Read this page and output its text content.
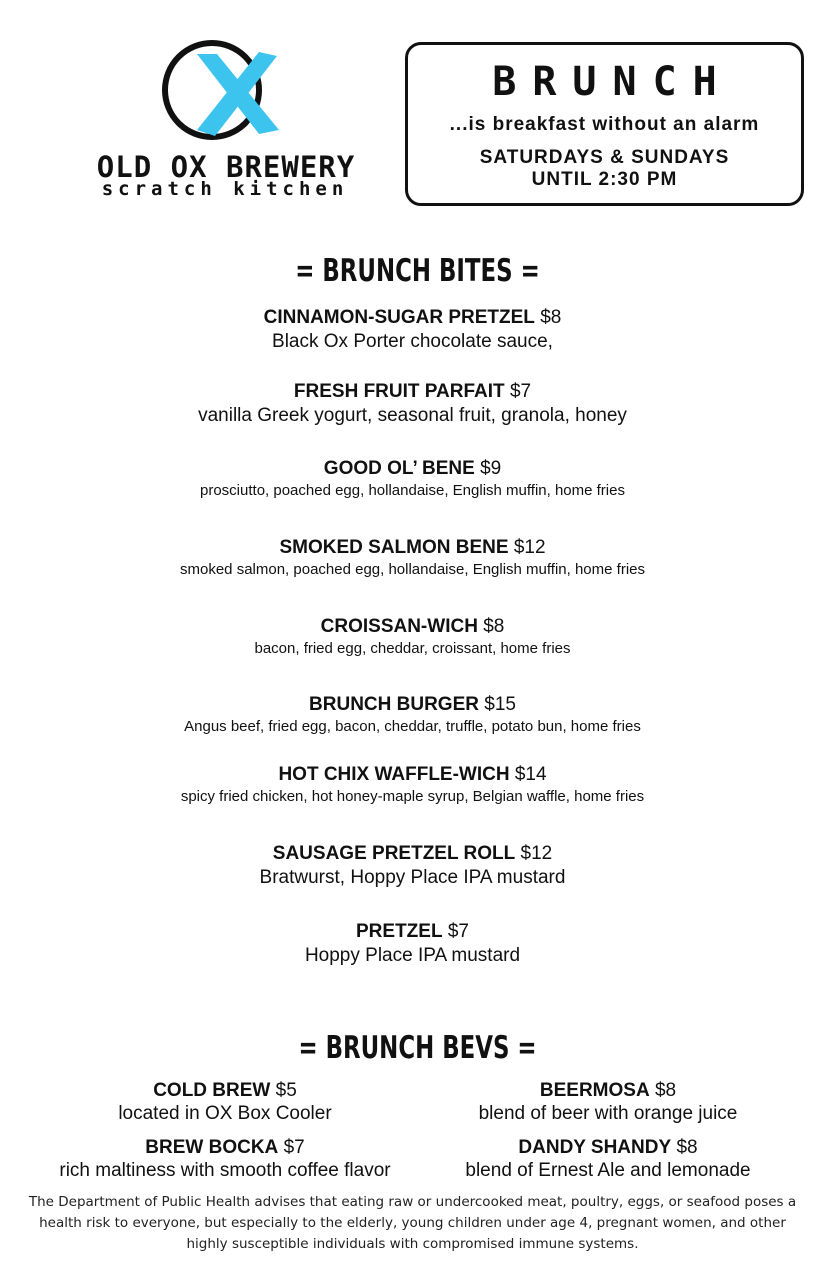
OLD OX BREWERY
scratch kitchen
BRUNCH
...is breakfast without an alarm
SATURDAYS & SUNDAYS
UNTIL 2:30 PM
= BRUNCH BITES =
CINNAMON-SUGAR PRETZEL $8
Black Ox Porter chocolate sauce,
FRESH FRUIT PARFAIT $7
vanilla Greek yogurt, seasonal fruit, granola, honey
GOOD OL’ BENE $9
prosciutto, poached egg, hollandaise, English muffin, home fries
SMOKED SALMON BENE $12
smoked salmon, poached egg, hollandaise, English muffin, home fries
CROISSAN-WICH $8
bacon, fried egg, cheddar, croissant, home fries
BRUNCH BURGER $15
Angus beef, fried egg, bacon, cheddar, truffle, potato bun, home fries
HOT CHIX WAFFLE-WICH $14
spicy fried chicken, hot honey-maple syrup, Belgian waffle, home fries
SAUSAGE PRETZEL ROLL $12
Bratwurst, Hoppy Place IPA mustard
PRETZEL $7
Hoppy Place IPA mustard
= BRUNCH BEVS =
COLD BREW $5
located in OX Box Cooler
BEERMOSA $8
blend of beer with orange juice
BREW BOCKA $7
rich maltiness with smooth coffee flavor
DANDY SHANDY $8
blend of Ernest Ale and lemonade
The Department of Public Health advises that eating raw or undercooked meat, poultry, eggs, or seafood poses a health risk to everyone, but especially to the elderly, young children under age 4, pregnant women, and other highly susceptible individuals with compromised immune systems.
